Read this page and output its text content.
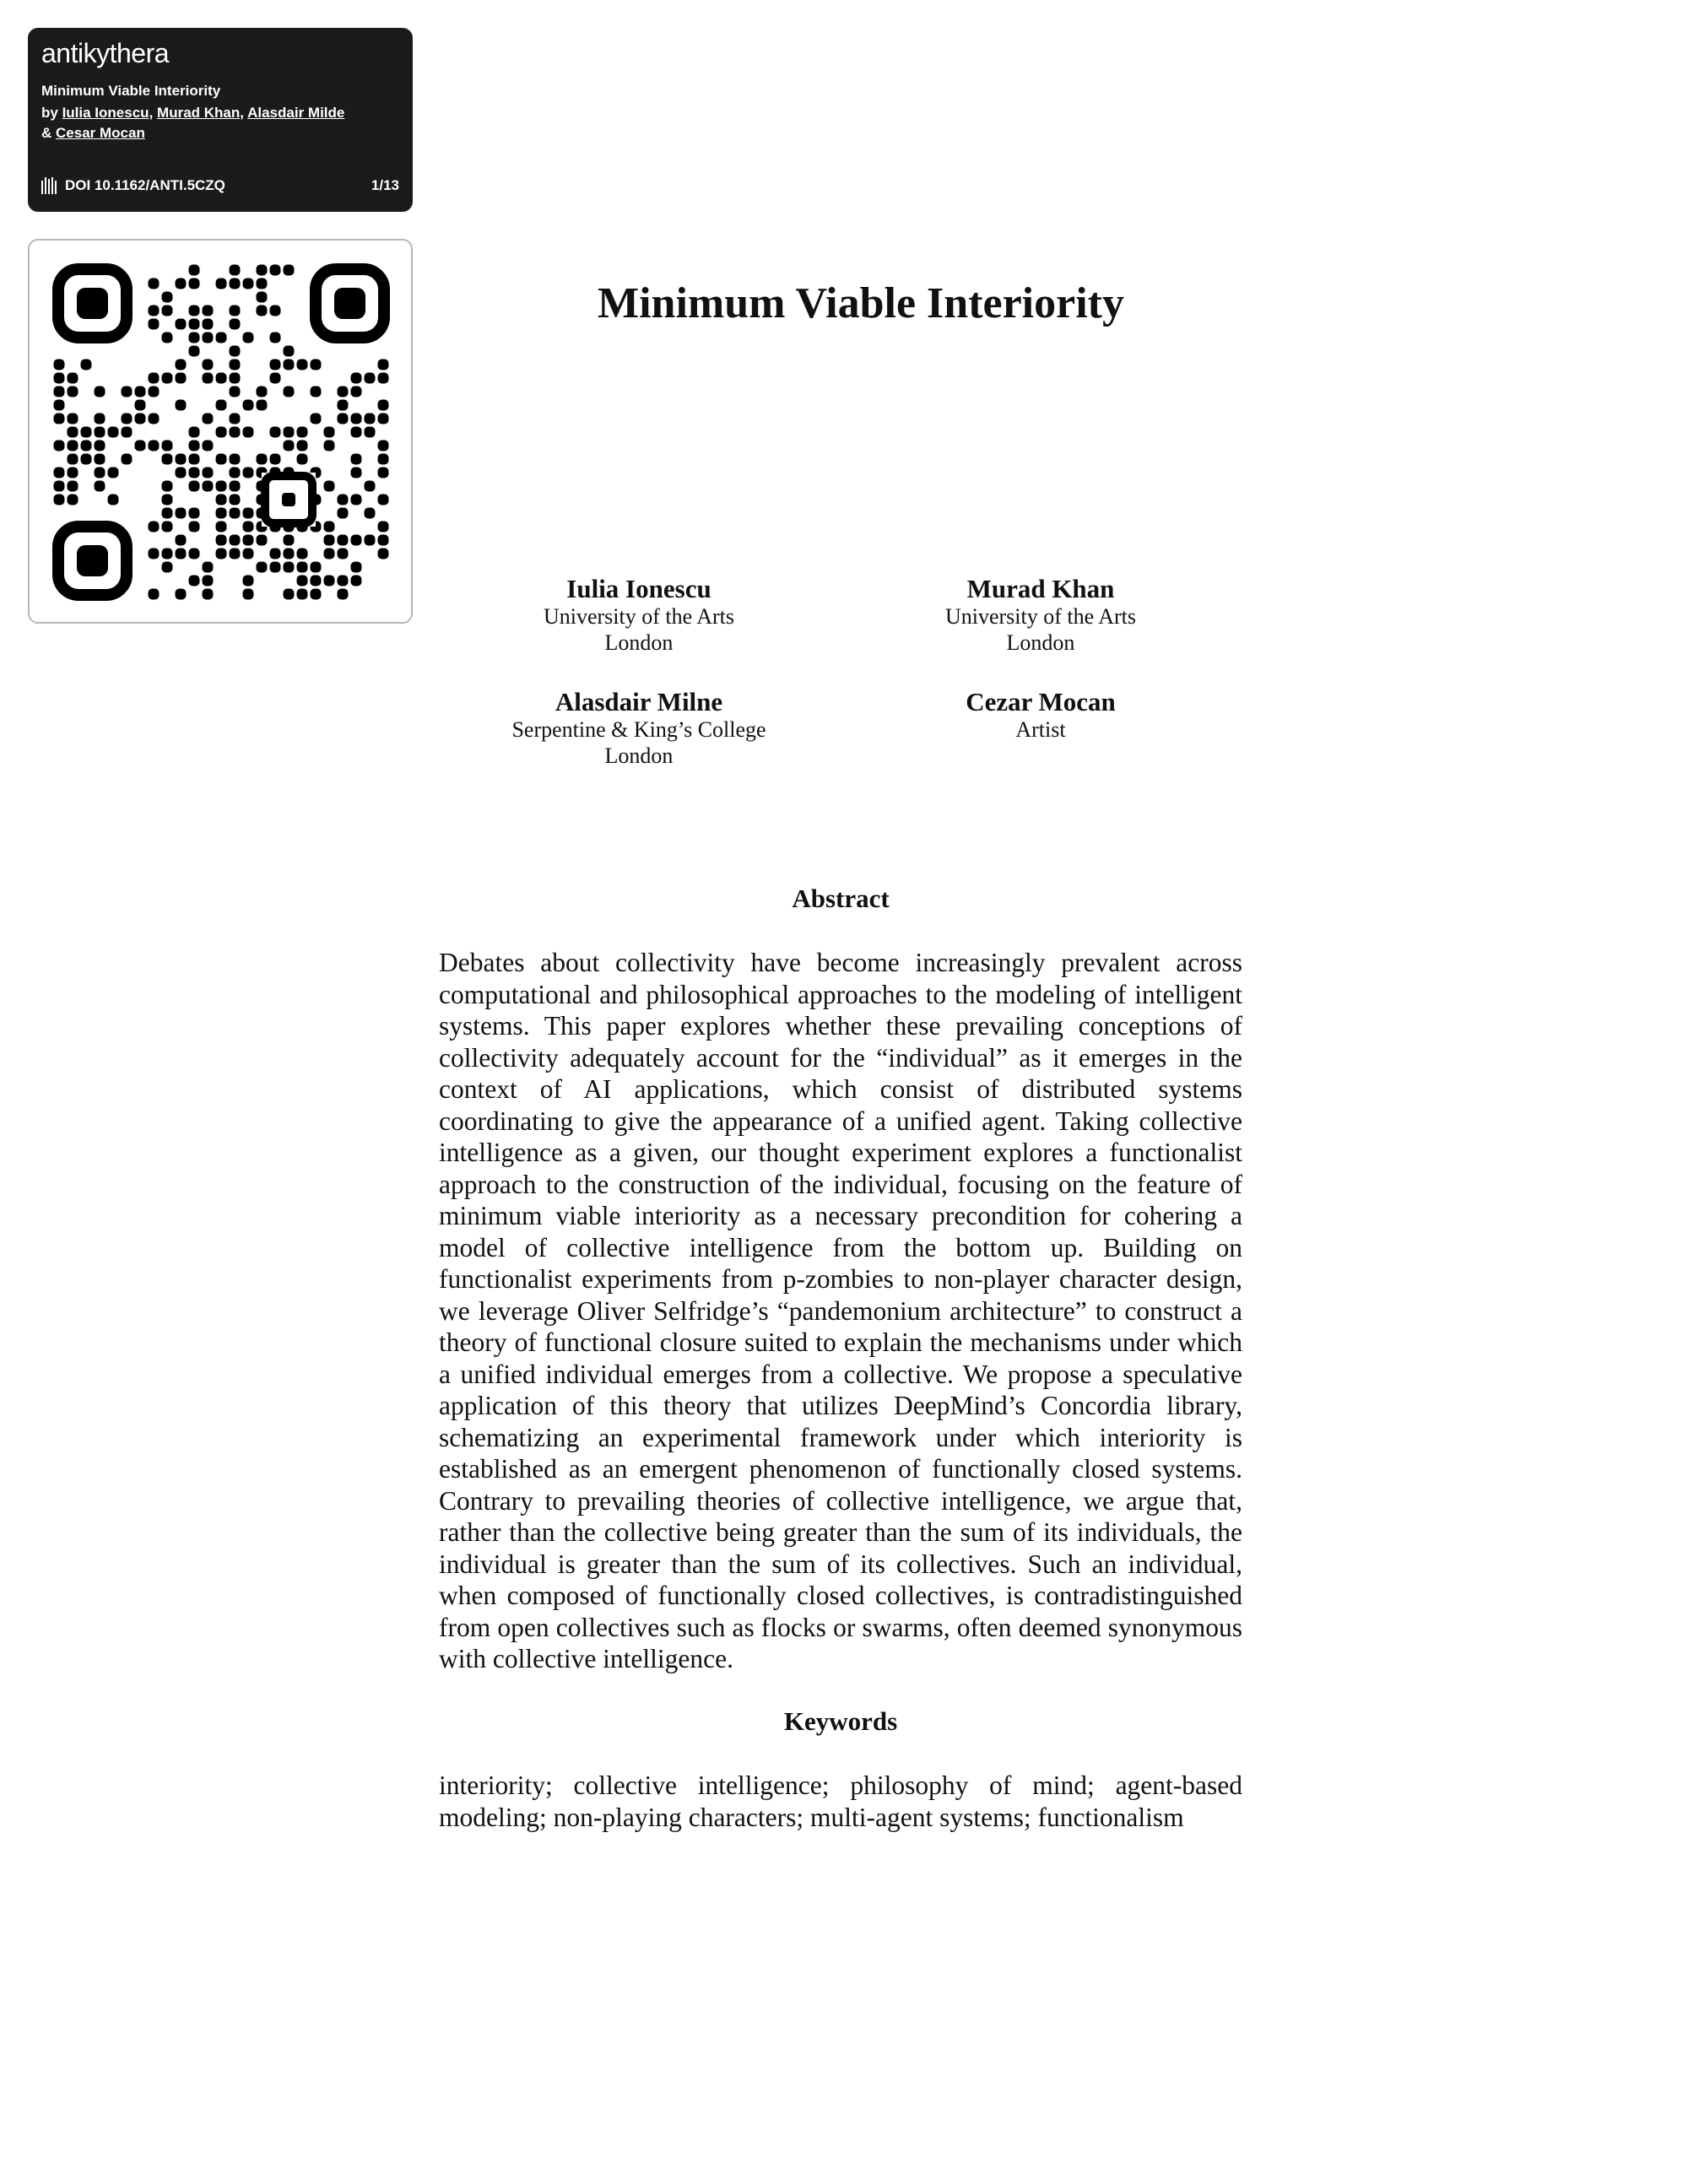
antikythera
Minimum Viable Interiority
by Iulia Ionescu, Murad Khan, Alasdair Milde
& Cesar Mocan
DOI 10.1162/ANTI.5CZQ	1/13
Minimum Viable Interiority
Iulia Ionescu
University of the Arts
London
Murad Khan
University of the Arts
London
Alasdair Milne
Serpentine & King’s College
London
Cezar Mocan
Artist
Abstract
Debates about collectivity have become increasingly prevalent across computational and philosophical approaches to the modeling of intelligent systems. This paper explores whether these prevailing conceptions of collectivity adequately account for the “individual” as it emerges in the context of AI applications, which consist of distributed systems coordinating to give the appearance of a unified agent. Taking collective intelligence as a given, our thought experiment explores a functionalist approach to the construction of the individual, focusing on the feature of minimum viable interiority as a necessary precondition for cohering a model of collective intelligence from the bottom up. Building on functionalist experiments from p-zombies to non-player character design, we leverage Oliver Selfridge’s “pandemonium architecture” to construct a theory of functional closure suited to explain the mechanisms under which a unified individual emerges from a collective. We propose a speculative application of this theory that utilizes DeepMind’s Concordia library, schematizing an experimental framework under which interiority is established as an emergent phenomenon of functionally closed systems. Contrary to prevailing theories of collective intelligence, we argue that, rather than the collective being greater than the sum of its individuals, the individual is greater than the sum of its collectives. Such an individual, when composed of functionally closed collectives, is contradistinguished from open collectives such as flocks or swarms, often deemed synonymous with collective intelligence.
Keywords
interiority; collective intelligence; philosophy of mind; agent-based modeling; non-playing characters; multi-agent systems; functionalism
